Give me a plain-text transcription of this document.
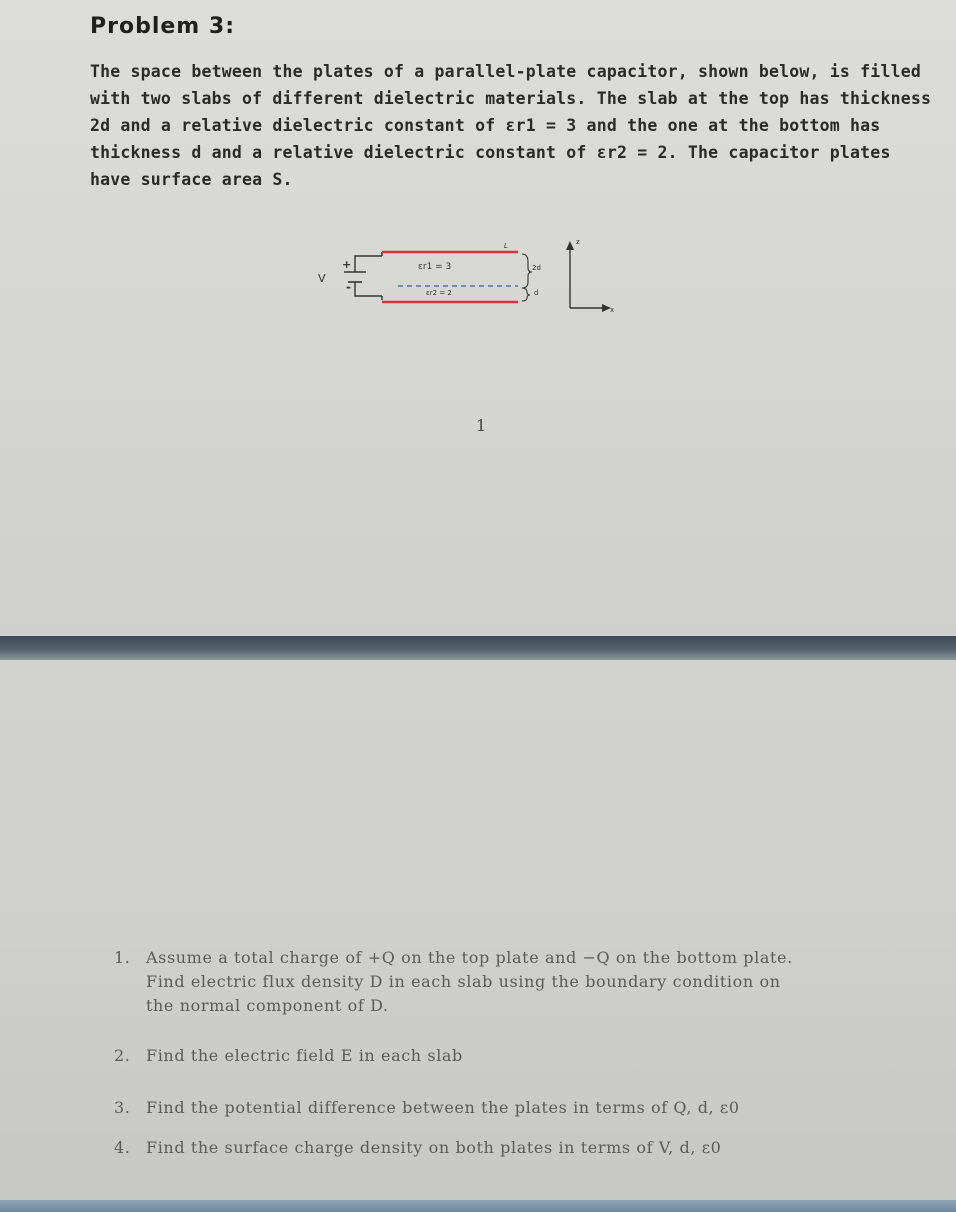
Problem 3:
The space between the plates of a parallel-plate capacitor, shown below, is filled
with two slabs of different dielectric materials. The slab at the top has thickness
2d and a relative dielectric constant of εr1 = 3 and the one at the bottom has
thickness d and a relative dielectric constant of εr2 = 2. The capacitor plates
have surface area S.
V
+
-
εr1 = 3
εr2 = 2
2d
d
L	z
x
1
1. Assume a total charge of +Q on the top plate and −Q on the bottom plate.
Find electric flux density D in each slab using the boundary condition on
the normal component of D.
2. Find the electric field E in each slab
3. Find the potential difference between the plates in terms of Q, d, ε0
4. Find the surface charge density on both plates in terms of V, d, ε0
